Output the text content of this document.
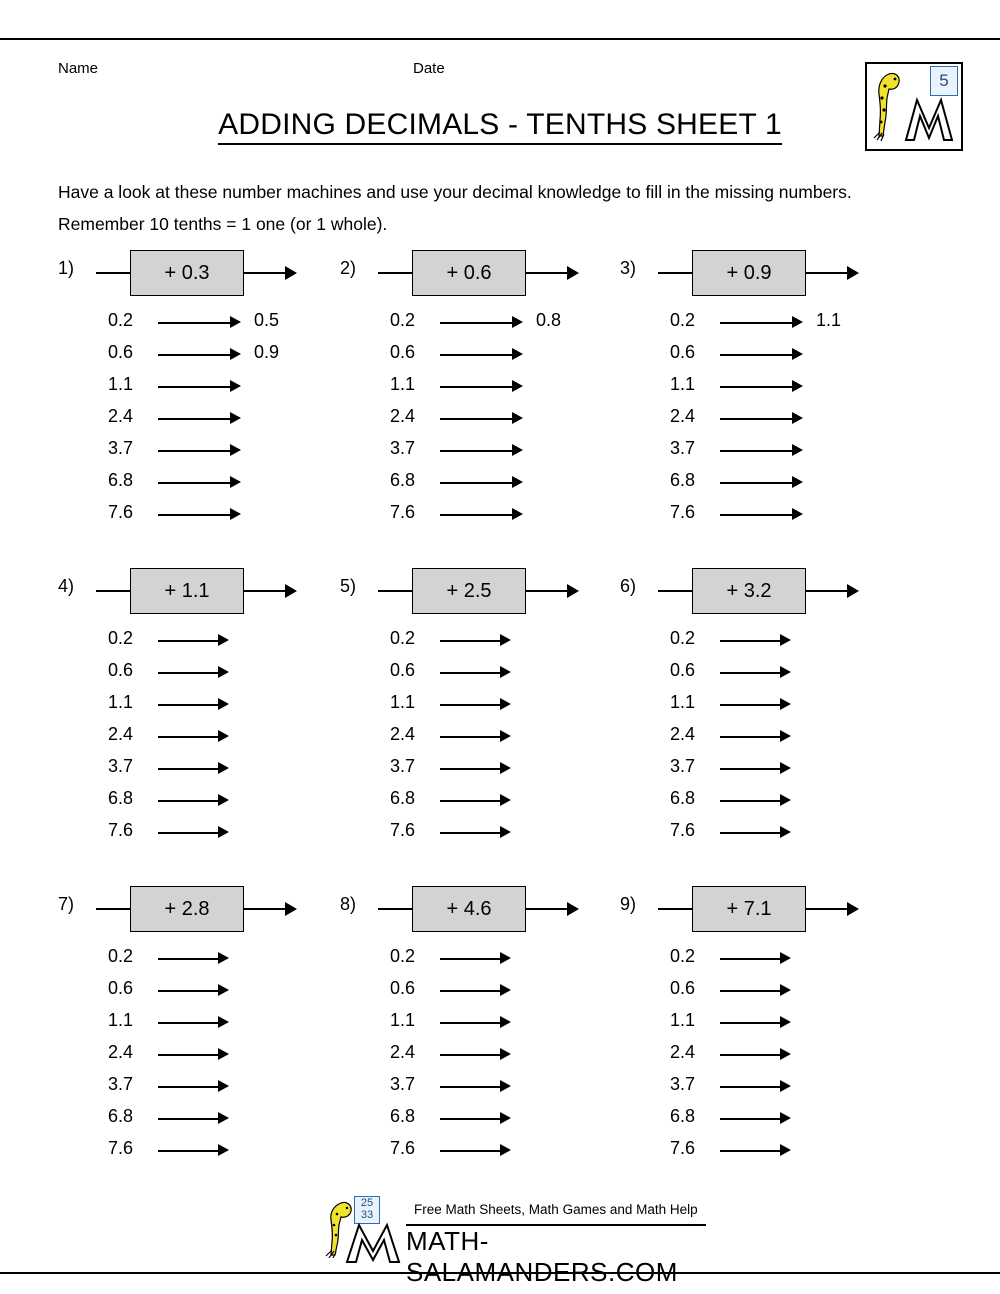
Name	Date
ADDING DECIMALS - TENTHS SHEET 1
Have a look at these number machines and use your decimal knowledge to fill in the missing numbers. Remember 10 tenths = 1 one (or 1 whole).
5
1)	+ 0.3
0.2	0.5
0.6	0.9
1.1
2.4
3.7
6.8
7.6
2)	+ 0.6
0.2	0.8
0.6
1.1
2.4
3.7
6.8
7.6
3)	+ 0.9
0.2	1.1
0.6
1.1
2.4
3.7
6.8
7.6
4)	+ 1.1
0.2
0.6
1.1
2.4
3.7
6.8
7.6
5)	+ 2.5
0.2
0.6
1.1
2.4
3.7
6.8
7.6
6)	+ 3.2
0.2
0.6
1.1
2.4
3.7
6.8
7.6
7)	+ 2.8
0.2
0.6
1.1
2.4
3.7
6.8
7.6
8)	+ 4.6
0.2
0.6
1.1
2.4
3.7
6.8
7.6
9)	+ 7.1
0.2
0.6
1.1
2.4
3.7
6.8
7.6
25
33	Free Math Sheets, Math Games and Math Help
MATH-SALAMANDERS.COM
